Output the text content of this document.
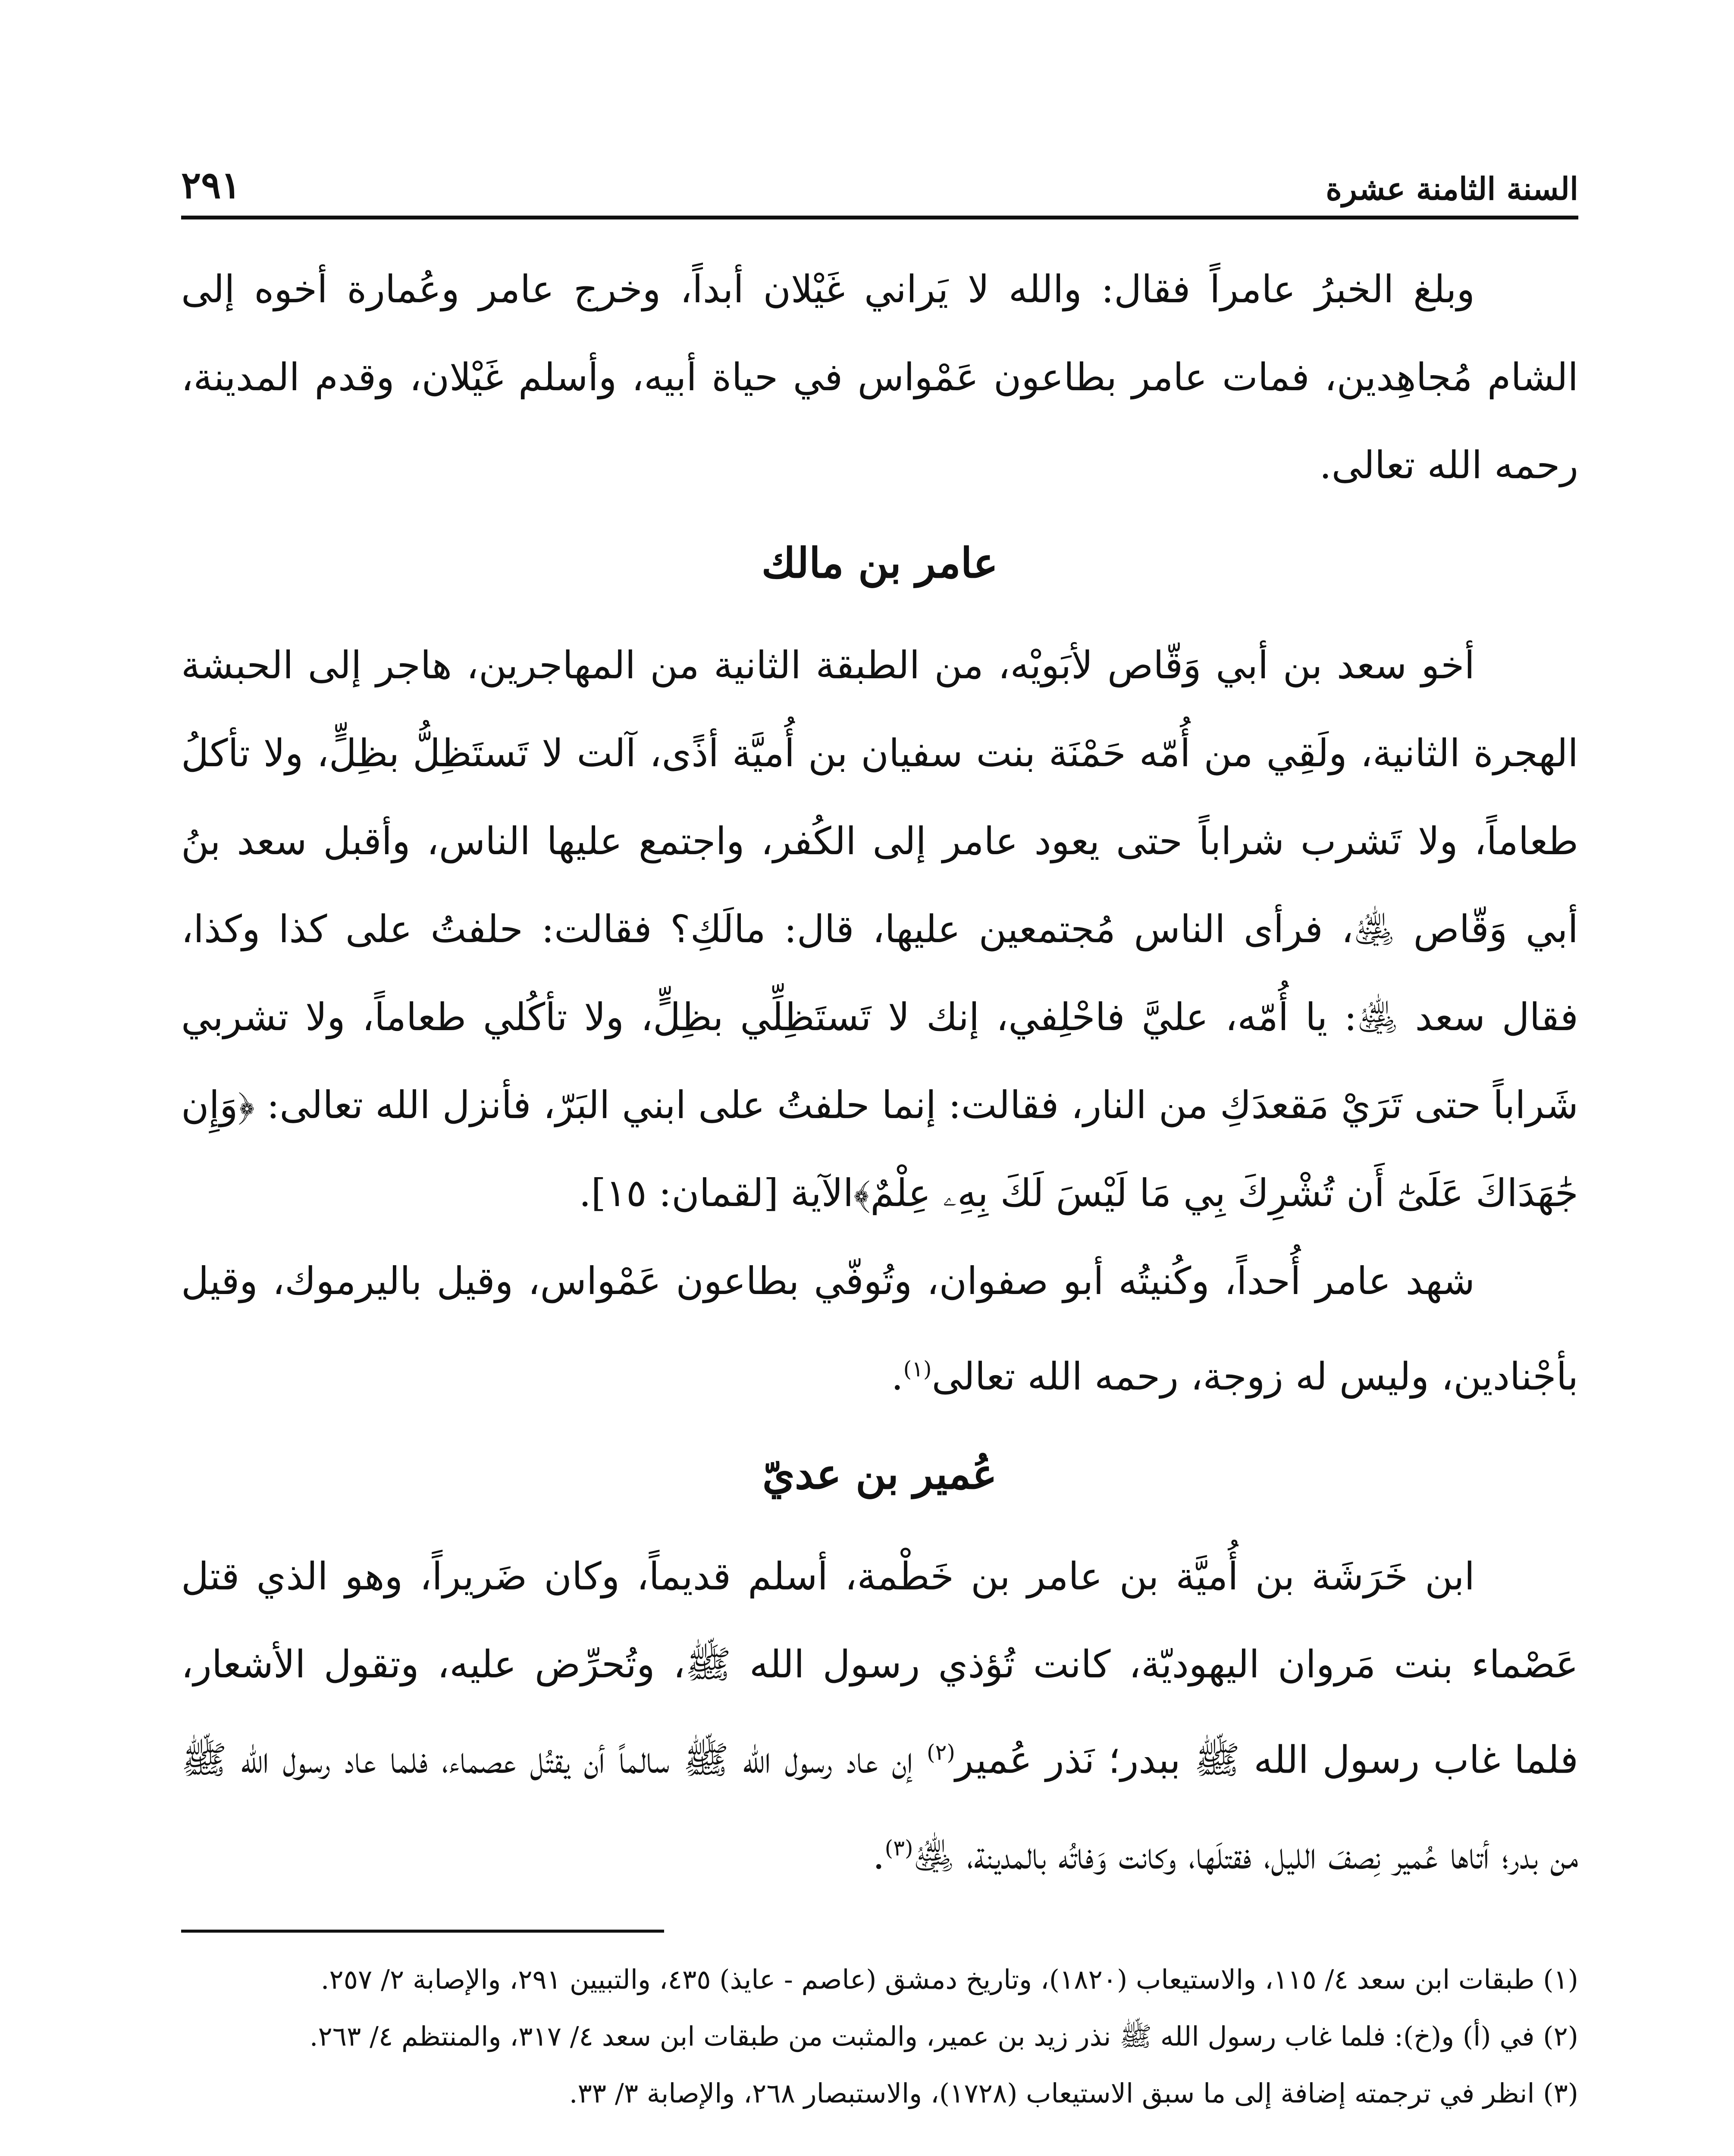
السنة الثامنة عشرة
٢٩١

وبلغ الخبرُ عامراً فقال: والله لا يَراني غَيْلان أبداً، وخرج عامر وعُمارة أخوه إلى الشام مُجاهِدين، فمات عامر بطاعون عَمْواس في حياة أبيه، وأسلم غَيْلان، وقدم المدينة، رحمه الله تعالى.

عامر بن مالك

أخو سعد بن أبي وَقّاص لأبَويْه، من الطبقة الثانية من المهاجرين، هاجر إلى الحبشة الهجرة الثانية، ولَقِي من أُمّه حَمْنَة بنت سفيان بن أُميَّة أذًى، آلت لا تَستَظِلُّ بظِلٍّ، ولا تأكلُ طعاماً، ولا تَشرب شراباً حتى يعود عامر إلى الكُفر، واجتمع عليها الناس، وأقبل سعد بنُ أبي وَقّاص ﵁، فرأى الناس مُجتمعين عليها، قال: مالَكِ؟ فقالت: حلفتُ على كذا وكذا، فقال سعد ﵁: يا أُمّه، عليَّ فاحْلِفي، إنك لا تَستَظِلِّي بظِلٍّ، ولا تأكُلي طعاماً، ولا تشربي شَراباً حتى تَرَيْ مَقعدَكِ من النار، فقالت: إنما حلفتُ على ابني البَرّ، فأنزل الله تعالى: ﴿وَإِن جَٰهَدَاكَ عَلَىٰٓ أَن تُشْرِكَ بِي مَا لَيْسَ لَكَ بِهِۦ عِلْمٌ﴾الآية [لقمان: ١٥].

شهد عامر أُحداً، وكُنيتُه أبو صفوان، وتُوفّي بطاعون عَمْواس، وقيل باليرموك، وقيل بأجْنادين، وليس له زوجة، رحمه الله تعالى$^{(١)}$.

عُمير بن عديّ

ابن خَرَشَة بن أُميَّة بن عامر بن خَطْمة، أسلم قديماً، وكان ضَريراً، وهو الذي قتل عَصْماء بنت مَروان اليهوديّة، كانت تُؤذي رسول الله ﷺ، وتُحرِّض عليه، وتقول الأشعار، فلما غاب رسول الله ﷺ ببدر؛ نَذر عُمير$^{(٢)}$ إن عاد رسول الله ﷺ سالماً أن يقتُل عصماء، فلما عاد رسول الله ﷺ من بدر؛ أتاها عُمير نِصفَ الليل، فقتلَها، وكانت وَفاتُه بالمدينة، ﵁$^{(٣)}$.

(١) طبقات ابن سعد ٤/ ١١٥، والاستيعاب (١٨٢٠)، وتاريخ دمشق (عاصم - عايذ) ٤٣٥، والتبيين ٢٩١، والإصابة ٢/ ٢٥٧.

(٢) في (أ) و(خ): فلما غاب رسول الله ﷺ نذر زيد بن عمير، والمثبت من طبقات ابن سعد ٤/ ٣١٧، والمنتظم ٤/ ٢٦٣.

(٣) انظر في ترجمته إضافة إلى ما سبق الاستيعاب (١٧٢٨)، والاستبصار ٢٦٨، والإصابة ٣/ ٣٣.
